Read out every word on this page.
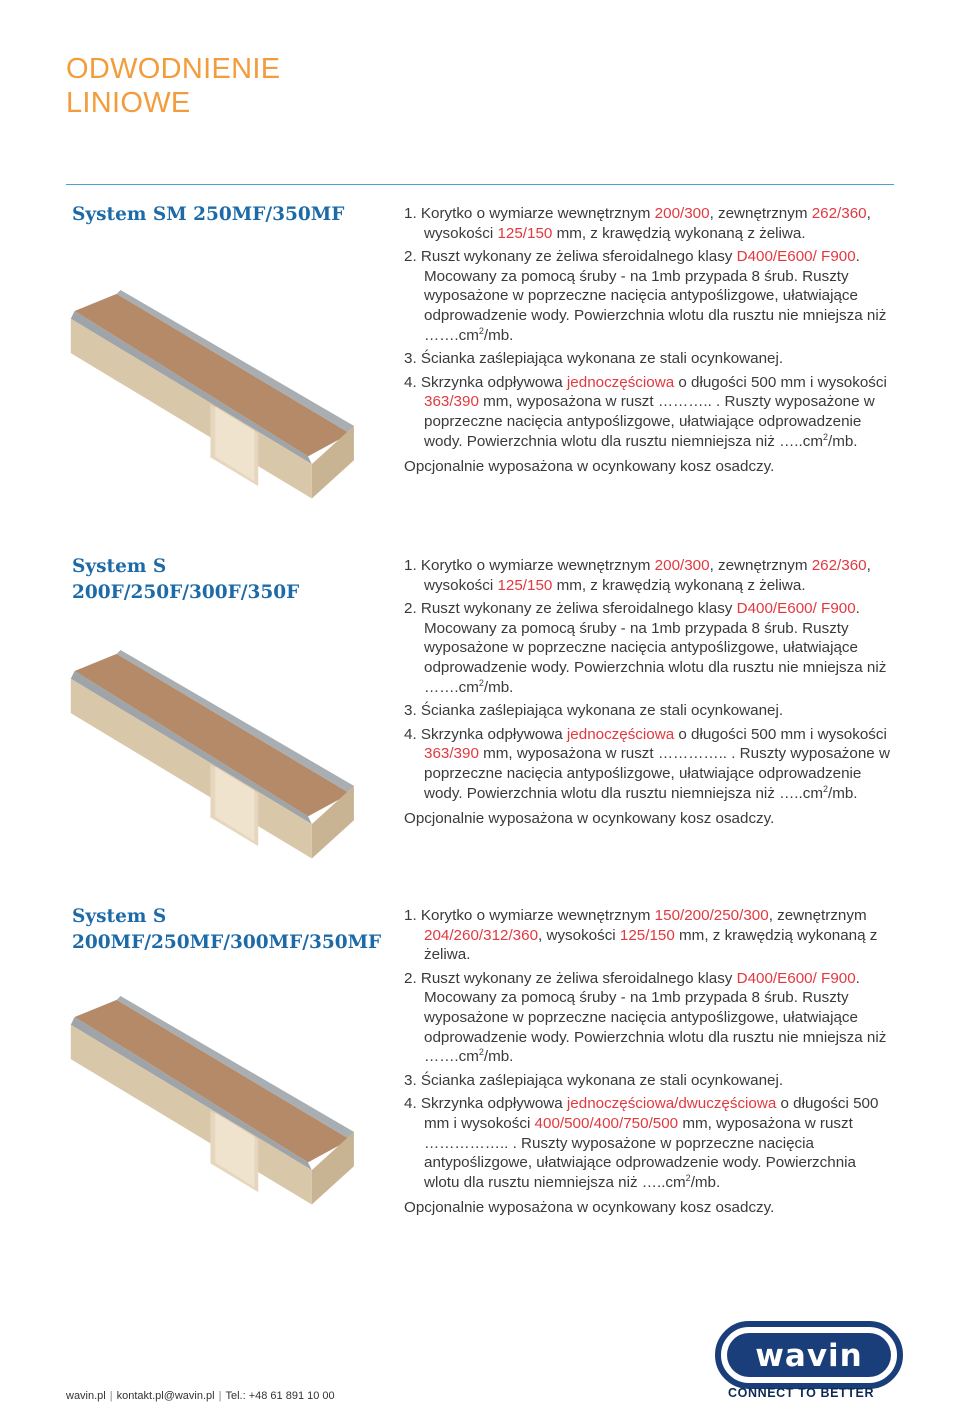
ODWODNIENIE
LINIOWE
System SM 250MF/350MF	1. Korytko o wymiarze wewnętrznym 200/300, zewnętrznym 262/360, wysokości 125/150 mm, z krawędzią wykonaną z żeliwa.

2. Ruszt wykonany ze żeliwa sferoidalnego klasy D400/E600/ F900. Mocowany za pomocą śruby - na 1mb przypada 8 śrub. Ruszty wyposażone w poprzeczne nacięcia antypoślizgowe, ułatwiające odprowadzenie wody. Powierzchnia wlotu dla rusztu nie mniejsza niż $\dots\dots.cm^2/mb$.

3. Ścianka zaślepiająca wykonana ze stali ocynkowanej.

4. Skrzynka odpływowa jednoczęściowa o długości 500 mm i wysokości 363/390 mm, wyposażona w ruszt ……….. . Ruszty wyposażone w poprzeczne nacięcia antypoślizgowe, ułatwiające odprowadzenie wody. Powierzchnia wlotu dla rusztu niemniejsza niż $\dots..cm^2/mb$.

Opcjonalnie wyposażona w ocynkowany kosz osadczy.

System S
200F/250F/300F/350F

1. Korytko o wymiarze wewnętrznym 200/300, zewnętrznym 262/360, wysokości 125/150 mm, z krawędzią wykonaną z żeliwa.

2. Ruszt wykonany ze żeliwa sferoidalnego klasy D400/E600/ F900. Mocowany za pomocą śruby - na 1mb przypada 8 śrub. Ruszty wyposażone w poprzeczne nacięcia antypoślizgowe, ułatwiające odprowadzenie wody. Powierzchnia wlotu dla rusztu nie mniejsza niż $\dots\dots.cm^2/mb$.

3. Ścianka zaślepiająca wykonana ze stali ocynkowanej.

4. Skrzynka odpływowa jednoczęściowa o długości 500 mm i wysokości 363/390 mm, wyposażona w ruszt ………….. . Ruszty wyposażone w poprzeczne nacięcia antypoślizgowe, ułatwiające odprowadzenie wody. Powierzchnia wlotu dla rusztu niemniejsza niż $\dots..cm^2/mb$.

Opcjonalnie wyposażona w ocynkowany kosz osadczy.

System S
200MF/250MF/300MF/350MF

1. Korytko o wymiarze wewnętrznym 150/200/250/300, zewnętrznym 204/260/312/360, wysokości 125/150 mm, z krawędzią wykonaną z żeliwa.

2. Ruszt wykonany ze żeliwa sferoidalnego klasy D400/E600/ F900. Mocowany za pomocą śruby - na 1mb przypada 8 śrub. Ruszty wyposażone w poprzeczne nacięcia antypoślizgowe, ułatwiające odprowadzenie wody. Powierzchnia wlotu dla rusztu nie mniejsza niż $\dots\dots.cm^2/mb$.

3. Ścianka zaślepiająca wykonana ze stali ocynkowanej.

4. Skrzynka odpływowa jednoczęściowa/dwuczęściowa o długości 500 mm i wysokości 400/500/400/750/500 mm, wyposażona w ruszt …………….. . Ruszty wyposażone w poprzeczne nacięcia antypoślizgowe, ułatwiające odprowadzenie wody. Powierzchnia wlotu dla rusztu niemniejsza niż $\dots..cm^2/mb$.

Opcjonalnie wyposażona w ocynkowany kosz osadczy.

wavin.pl | kontakt.pl@wavin.pl | Tel.: +48 61 891 10 00
wavin
CONNECT TO BETTER
